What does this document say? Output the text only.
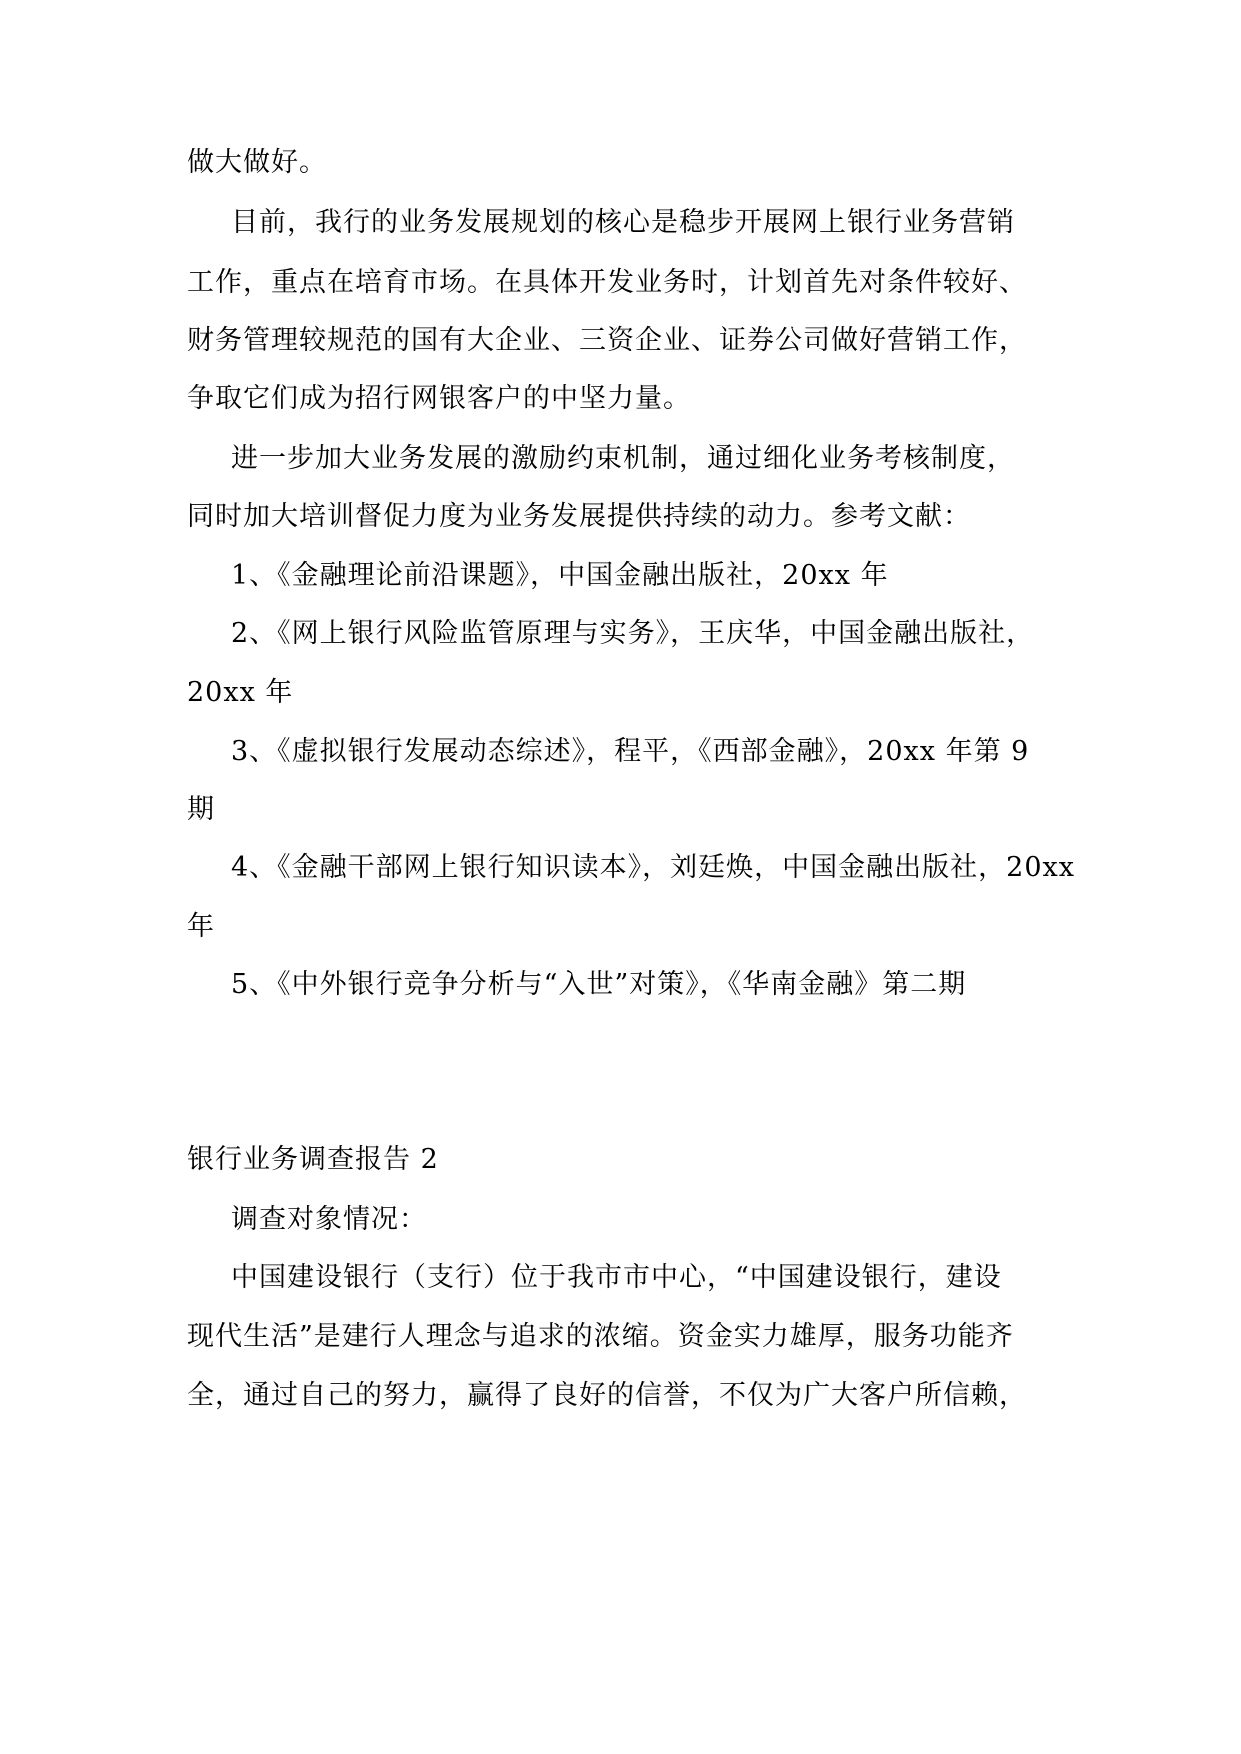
做大做好。
目前，我行的业务发展规划的核心是稳步开展网上银行业务营销
工作，重点在培育市场。在具体开发业务时，计划首先对条件较好、
财务管理较规范的国有大企业、三资企业、证券公司做好营销工作，
争取它们成为招行网银客户的中坚力量。
进一步加大业务发展的激励约束机制，通过细化业务考核制度，
同时加大培训督促力度为业务发展提供持续的动力。参考文献：
1、《金融理论前沿课题》，中国金融出版社，20xx 年
2、《网上银行风险监管原理与实务》，王庆华，中国金融出版社，
20xx 年
3、《虚拟银行发展动态综述》，程平，《西部金融》，20xx 年第 9
期
4、《金融干部网上银行知识读本》，刘廷焕，中国金融出版社，20xx
年
5、《中外银行竞争分析与“入世”对策》，《华南金融》第二期
银行业务调查报告 2
调查对象情况：
中国建设银行（支行）位于我市市中心，“中国建设银行，建设
现代生活”是建行人理念与追求的浓缩。资金实力雄厚，服务功能齐
全，通过自己的努力，赢得了良好的信誉，不仅为广大客户所信赖，
